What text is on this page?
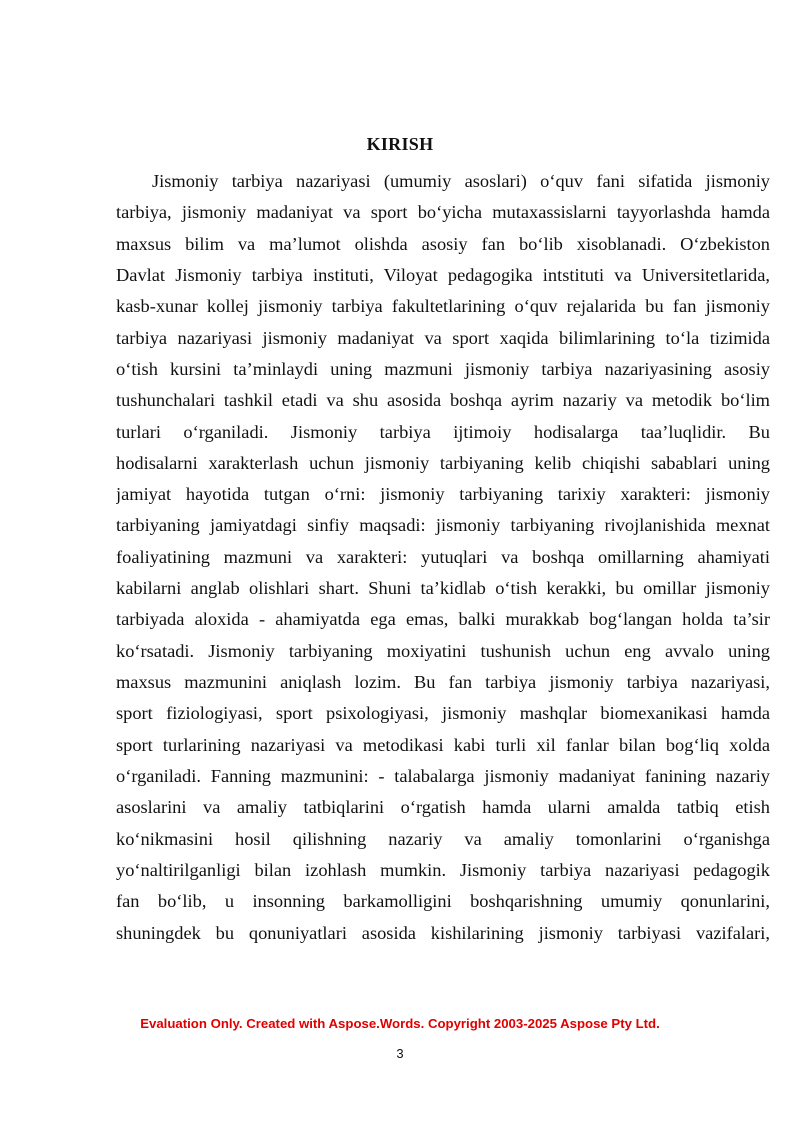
KIRISH
Jismoniy tarbiya nazariyasi (umumiy asoslari) o‘quv fani sifatida jismoniy
tarbiya, jismoniy madaniyat va sport bo‘yicha mutaxassislarni tayyorlashda hamda
maxsus bilim va ma’lumot olishda asosiy fan bo‘lib xisoblanadi. O‘zbekiston
Davlat Jismoniy tarbiya instituti, Viloyat pedagogika intstituti va Universitetlarida,
kasb-xunar kollej jismoniy tarbiya fakultetlarining o‘quv rejalarida bu fan jismoniy
tarbiya nazariyasi jismoniy madaniyat va sport xaqida bilimlarining to‘la tizimida
o‘tish kursini ta’minlaydi uning mazmuni jismoniy tarbiya nazariyasining asosiy
tushunchalari tashkil etadi va shu asosida boshqa ayrim nazariy va metodik bo‘lim
turlari o‘rganiladi. Jismoniy tarbiya ijtimoiy hodisalarga taa’luqlidir. Bu
hodisalarni xarakterlash uchun jismoniy tarbiyaning kelib chiqishi sabablari uning
jamiyat hayotida tutgan o‘rni: jismoniy tarbiyaning tarixiy xarakteri: jismoniy
tarbiyaning jamiyatdagi sinfiy maqsadi: jismoniy tarbiyaning rivojlanishida mexnat
foaliyatining mazmuni va xarakteri: yutuqlari va boshqa omillarning ahamiyati
kabilarni anglab olishlari shart. Shuni ta’kidlab o‘tish kerakki, bu omillar jismoniy
tarbiyada aloxida - ahamiyatda ega emas, balki murakkab bog‘langan holda ta’sir
ko‘rsatadi. Jismoniy tarbiyaning moxiyatini tushunish uchun eng avvalo uning
maxsus mazmunini aniqlash lozim. Bu fan tarbiya jismoniy tarbiya nazariyasi,
sport fiziologiyasi, sport psixologiyasi, jismoniy mashqlar biomexanikasi hamda
sport turlarining nazariyasi va metodikasi kabi turli xil fanlar bilan bog‘liq xolda
o‘rganiladi. Fanning mazmunini: - talabalarga jismoniy madaniyat fanining nazariy
asoslarini va amaliy tatbiqlarini o‘rgatish hamda ularni amalda tatbiq etish
ko‘nikmasini hosil qilishning nazariy va amaliy tomonlarini o‘rganishga
yo‘naltirilganligi bilan izohlash mumkin. Jismoniy tarbiya nazariyasi pedagogik
fan bo‘lib, u insonning barkamolligini boshqarishning umumiy qonunlarini,
shuningdek bu qonuniyatlari asosida kishilarining jismoniy tarbiyasi vazifalari,
Evaluation Only. Created with Aspose.Words. Copyright 2003-2025 Aspose Pty Ltd.
3
